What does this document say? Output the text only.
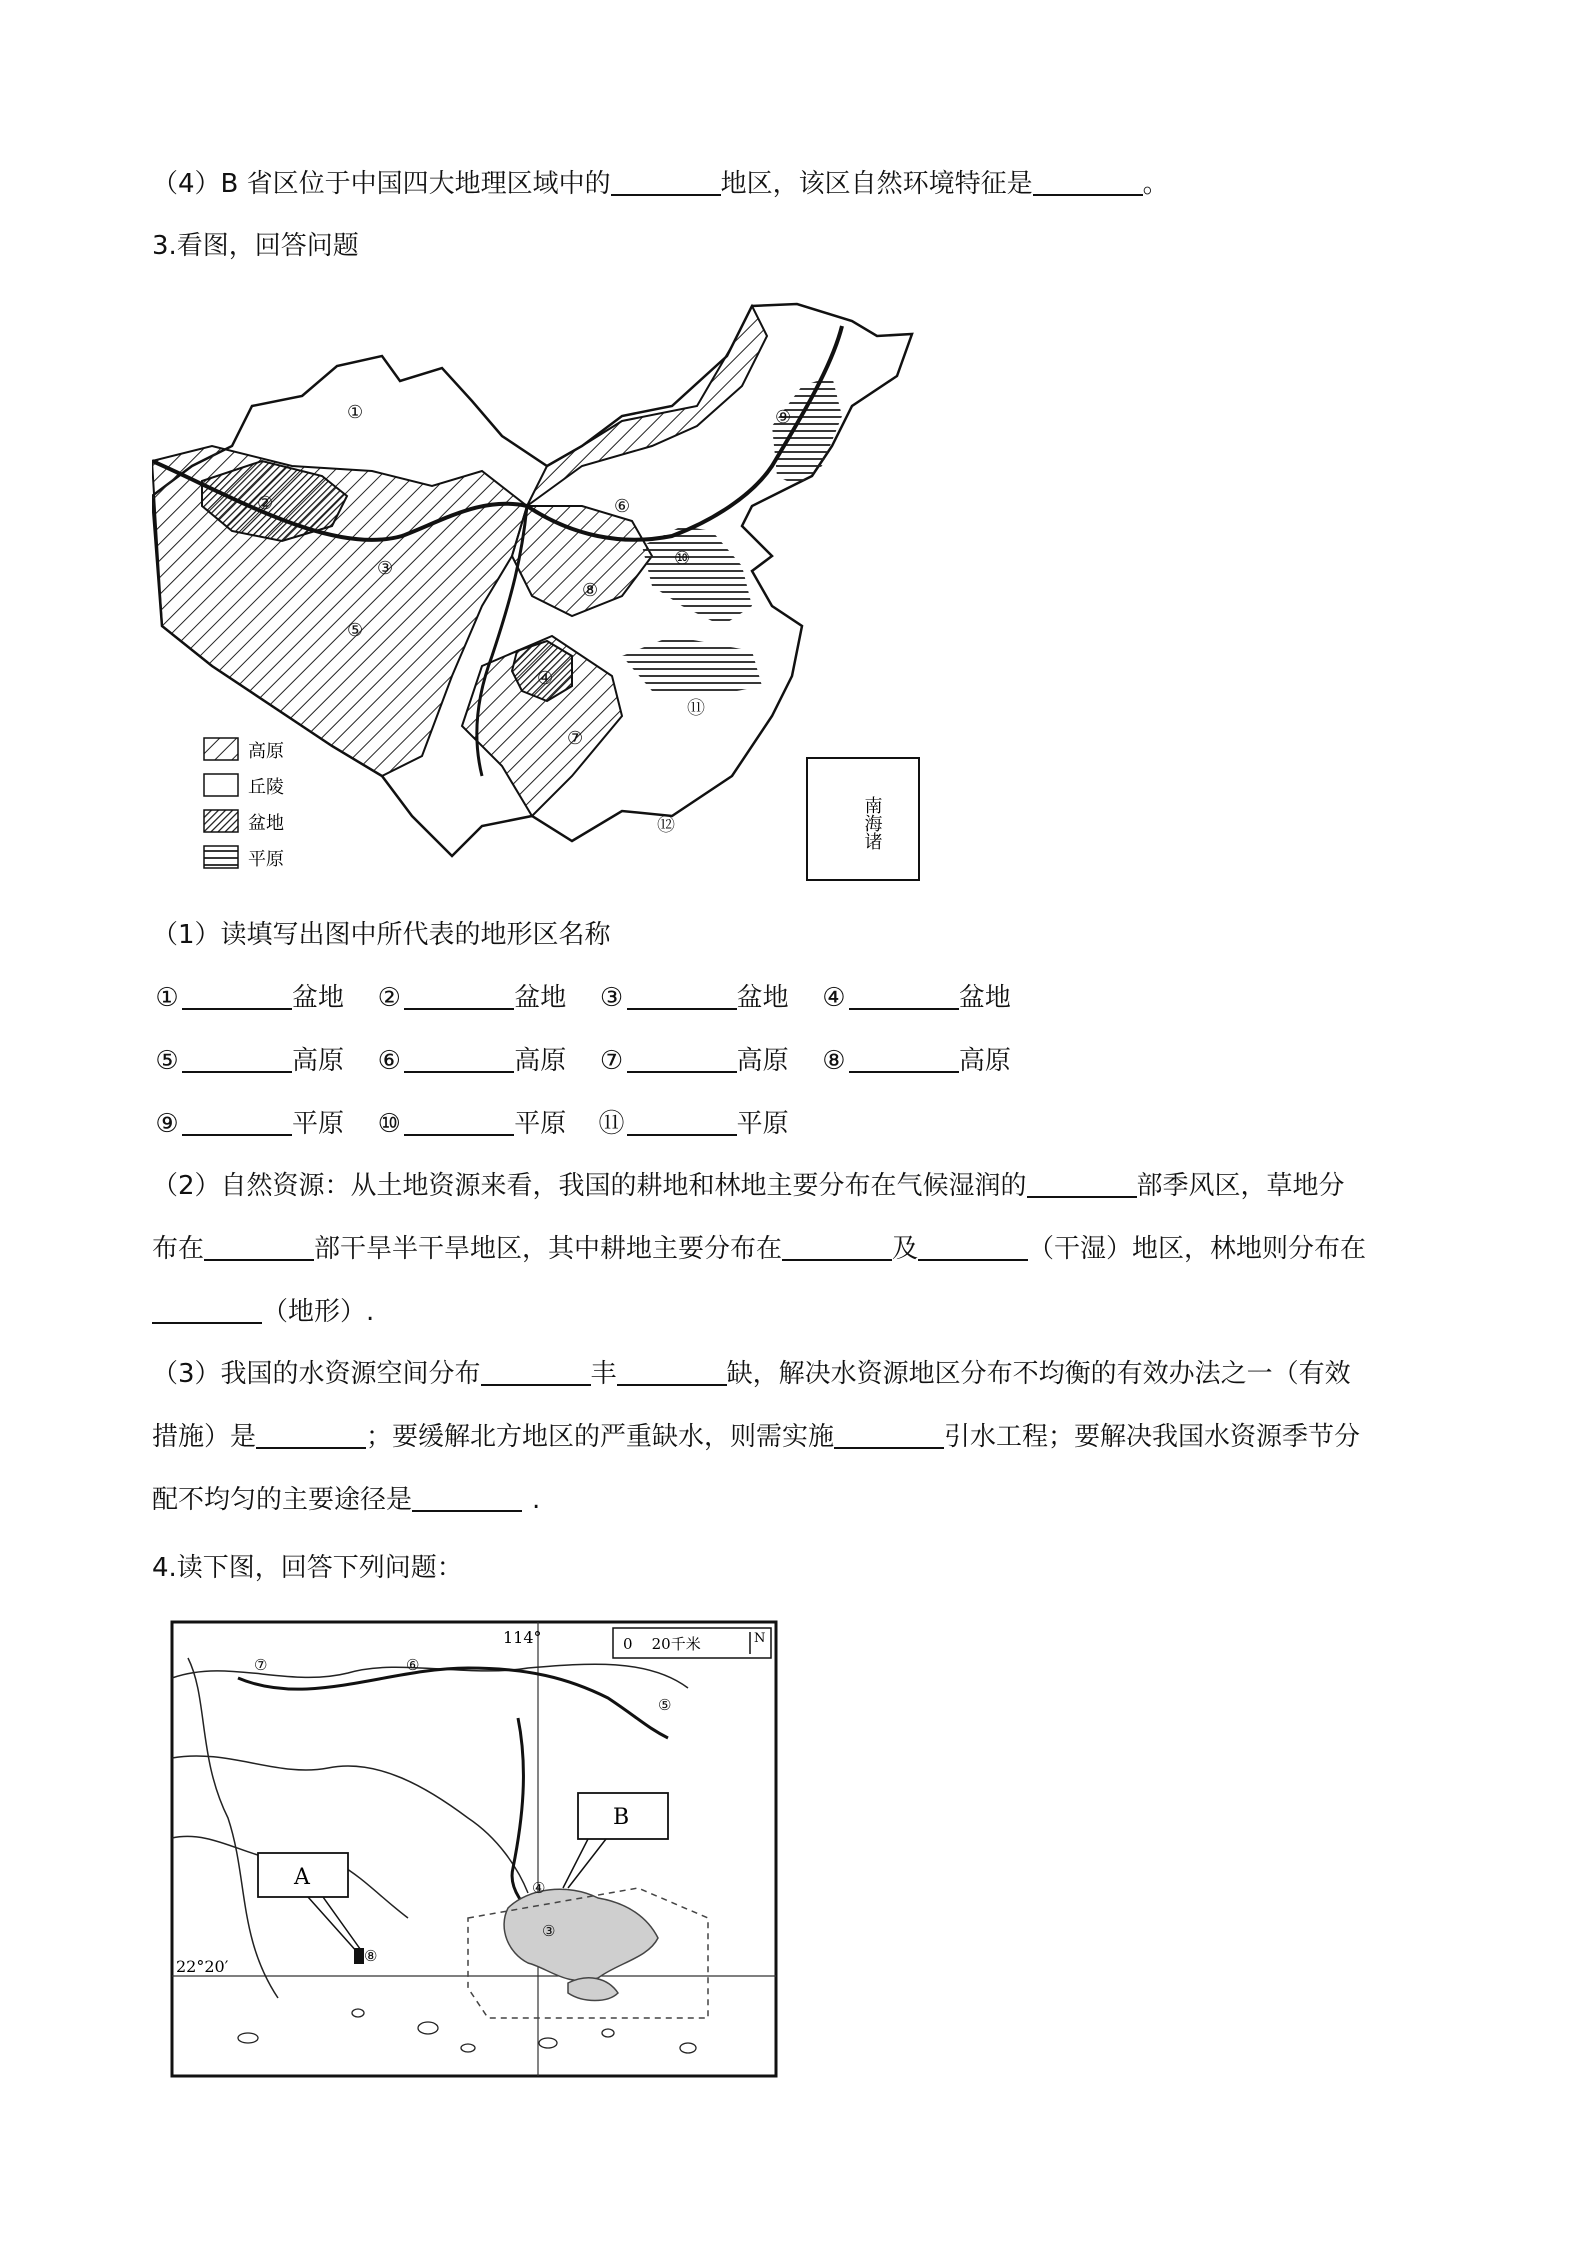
（4）B 省区位于中国四大地理区域中的	地区，该区自然环境特征是	。
3.看图，回答问题
①
②
③
④
⑤
⑥
⑦
⑧
⑨
⑩
⑪
⑫
高原
丘陵
盆地
平原
南海诸
（1）读填写出图中所代表的地形区名称
①	盆地 ②	盆地 ③	盆地 ④	盆地
⑤	高原 ⑥	高原 ⑦	高原 ⑧	高原
⑨	平原 ⑩	平原 ⑪	平原
（2）自然资源：从土地资源来看，我国的耕地和林地主要分布在气候湿润的	部季风区，草地分
布在	部干旱半干旱地区，其中耕地主要分布在	及	（干湿）地区，林地则分布在
（地形）.
（3）我国的水资源空间分布	丰	缺，解决水资源地区分布不均衡的有效办法之一（有效
措施）是	；要缓解北方地区的严重缺水，则需实施	引水工程；要解决我国水资源季节分
配不均匀的主要途径是	.
4.读下图，回答下列问题：
114°
22°20′
0    20千米	N
A
B
③
④
⑤
⑥
⑦
⑧
